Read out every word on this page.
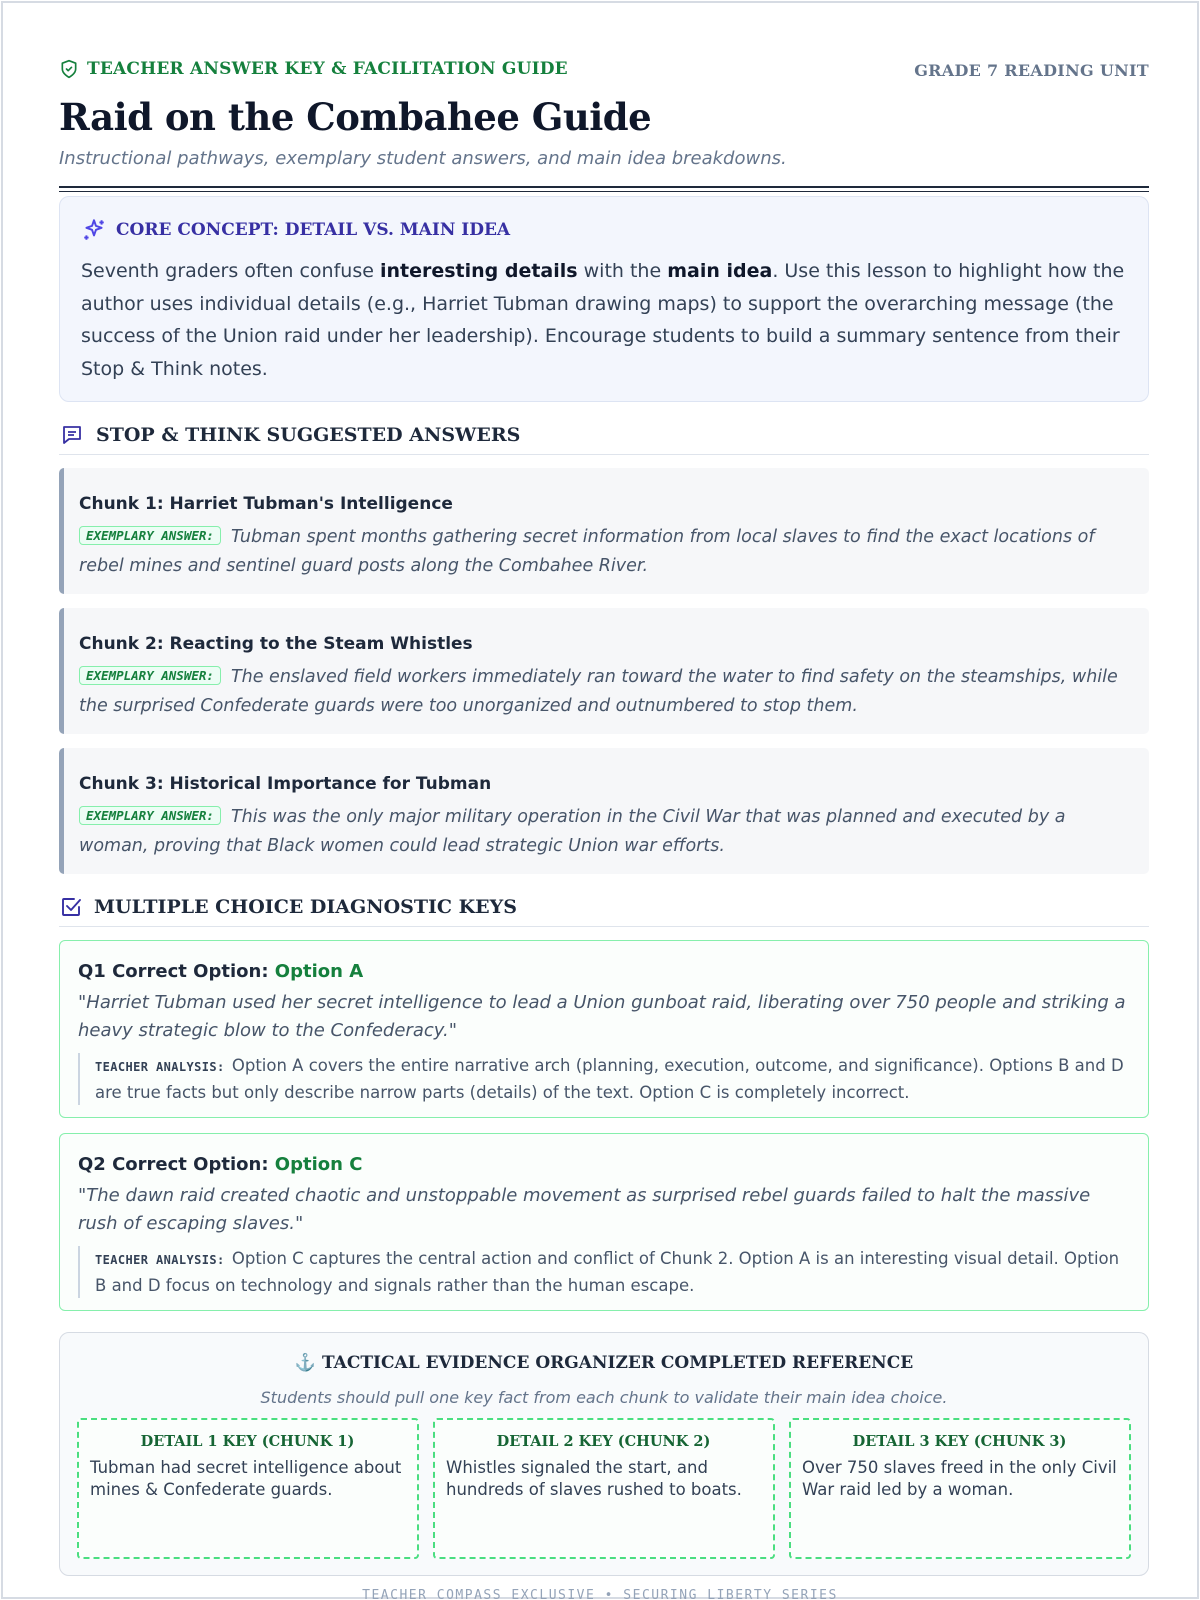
TEACHER ANSWER KEY & FACILITATION GUIDE	GRADE 7 READING UNIT
Raid on the Combahee Guide
Instructional pathways, exemplary student answers, and main idea breakdowns.
CORE CONCEPT: DETAIL VS. MAIN IDEA
Seventh graders often confuse interesting details with the main idea. Use this lesson to highlight how the author uses individual details (e.g., Harriet Tubman drawing maps) to support the overarching message (the success of the Union raid under her leadership). Encourage students to build a summary sentence from their Stop & Think notes.
STOP & THINK SUGGESTED ANSWERS
Chunk 1: Harriet Tubman's Intelligence
EXEMPLARY ANSWER: Tubman spent months gathering secret information from local slaves to find the exact locations of rebel mines and sentinel guard posts along the Combahee River.
Chunk 2: Reacting to the Steam Whistles
EXEMPLARY ANSWER: The enslaved field workers immediately ran toward the water to find safety on the steamships, while the surprised Confederate guards were too unorganized and outnumbered to stop them.
Chunk 3: Historical Importance for Tubman
EXEMPLARY ANSWER: This was the only major military operation in the Civil War that was planned and executed by a woman, proving that Black women could lead strategic Union war efforts.
MULTIPLE CHOICE DIAGNOSTIC KEYS
Q1 Correct Option: Option A
"Harriet Tubman used her secret intelligence to lead a Union gunboat raid, liberating over 750 people and striking a heavy strategic blow to the Confederacy."
TEACHER ANALYSIS: Option A covers the entire narrative arch (planning, execution, outcome, and significance). Options B and D are true facts but only describe narrow parts (details) of the text. Option C is completely incorrect.
Q2 Correct Option: Option C
"The dawn raid created chaotic and unstoppable movement as surprised rebel guards failed to halt the massive rush of escaping slaves."
TEACHER ANALYSIS: Option C captures the central action and conflict of Chunk 2. Option A is an interesting visual detail. Option B and D focus on technology and signals rather than the human escape.
⚓ TACTICAL EVIDENCE ORGANIZER COMPLETED REFERENCE
Students should pull one key fact from each chunk to validate their main idea choice.
DETAIL 1 KEY (CHUNK 1)
Tubman had secret intelligence about mines & Confederate guards.
DETAIL 2 KEY (CHUNK 2)
Whistles signaled the start, and hundreds of slaves rushed to boats.
DETAIL 3 KEY (CHUNK 3)
Over 750 slaves freed in the only Civil War raid led by a woman.
TEACHER COMPASS EXCLUSIVE • SECURING LIBERTY SERIES
